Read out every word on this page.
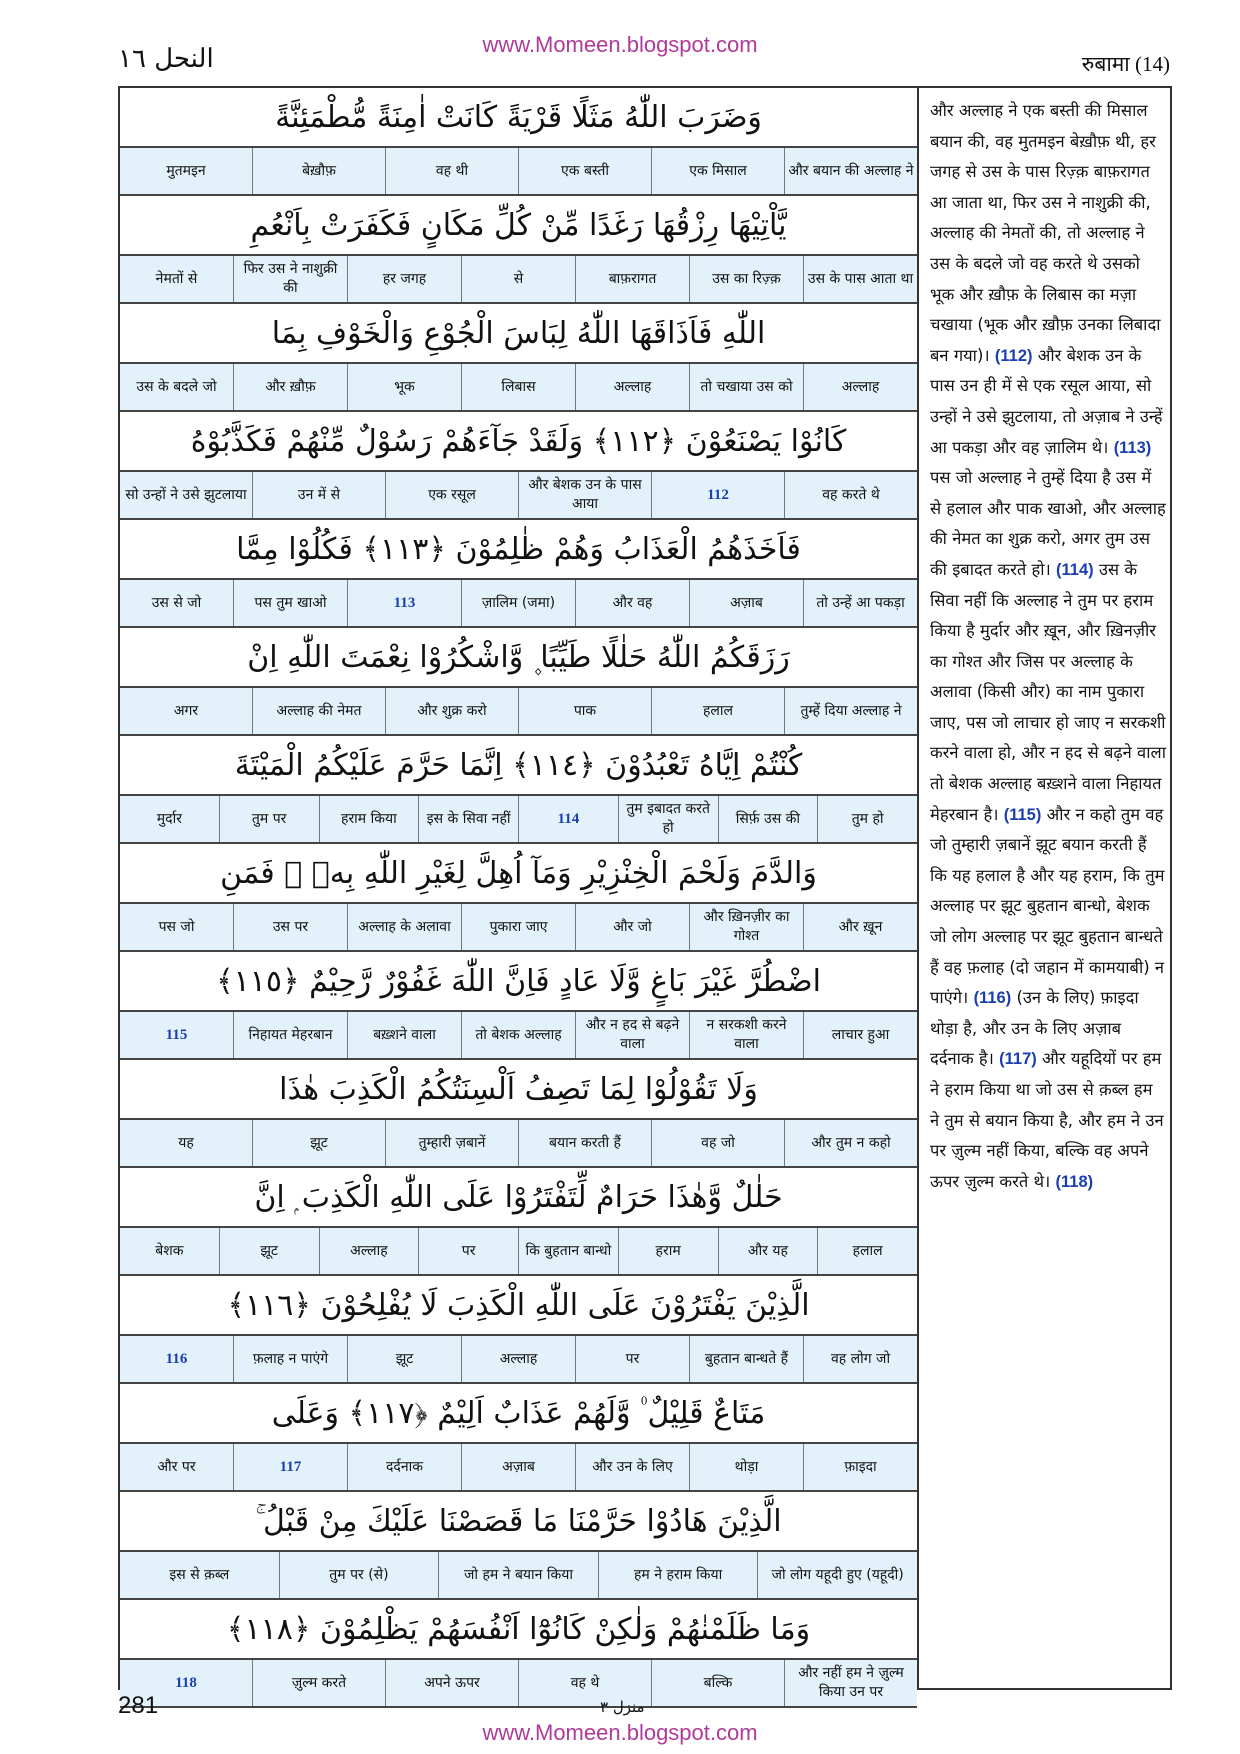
www.Momeen.blogspot.com
النحل ١٦	रुबामा (14)
وَضَرَبَ اللّٰهُ مَثَلًا قَرْيَةً كَانَتْ اٰمِنَةً مُّطْمَئِنَّةً
और बयान की अल्लाह ने
एक मिसाल
एक बस्ती
वह थी
बेख़ौफ़
मुतमइन
يَّاْتِيْهَا رِزْقُهَا رَغَدًا مِّنْ كُلِّ مَكَانٍ فَكَفَرَتْ بِاَنْعُمِ
उस के पास आता था
उस का रिज़्क़
बाफ़रागत
से
हर जगह
फिर उस ने नाशुक्री की
नेमतों से
اللّٰهِ فَاَذَاقَهَا اللّٰهُ لِبَاسَ الْجُوْعِ وَالْخَوْفِ بِمَا
अल्लाह
तो चखाया उस को
अल्लाह
लिबास
भूक
और ख़ौफ़
उस के बदले जो
كَانُوْا يَصْنَعُوْنَ ﴿١١٢﴾ وَلَقَدْ جَآءَهُمْ رَسُوْلٌ مِّنْهُمْ فَكَذَّبُوْهُ
वह करते थे
112
और बेशक उन के पास आया
एक रसूल
उन में से
सो उन्हों ने उसे झुटलाया
فَاَخَذَهُمُ الْعَذَابُ وَهُمْ ظٰلِمُوْنَ ﴿١١٣﴾ فَكُلُوْا مِمَّا
तो उन्हें आ पकड़ा
अज़ाब
और वह
ज़ालिम (जमा)
113
पस तुम खाओ
उस से जो
رَزَقَكُمُ اللّٰهُ حَلٰلًا طَيِّبًا ۪ وَّاشْكُرُوْا نِعْمَتَ اللّٰهِ اِنْ
तुम्हें दिया अल्लाह ने
हलाल
पाक
और शुक्र करो
अल्लाह की नेमत
अगर
كُنْتُمْ اِيَّاهُ تَعْبُدُوْنَ ﴿١١٤﴾ اِنَّمَا حَرَّمَ عَلَيْكُمُ الْمَيْتَةَ
तुम हो
सिर्फ़ उस की
तुम इबादत करते हो
114
इस के सिवा नहीं
हराम किया
तुम पर
मुर्दार
وَالدَّمَ وَلَحْمَ الْخِنْزِيْرِ وَمَآ اُهِلَّ لِغَيْرِ اللّٰهِ بِهٖ ۚ فَمَنِ
और ख़ून
और ख़िनज़ीर का गोश्त
और जो
पुकारा जाए
अल्लाह के अलावा
उस पर
पस जो
اضْطُرَّ غَيْرَ بَاغٍ وَّلَا عَادٍ فَاِنَّ اللّٰهَ غَفُوْرٌ رَّحِيْمٌ ﴿١١٥﴾
लाचार हुआ
न सरकशी करने वाला
और न हद से बढ़ने वाला
तो बेशक अल्लाह
बख़्शने वाला
निहायत मेहरबान
115
وَلَا تَقُوْلُوْا لِمَا تَصِفُ اَلْسِنَتُكُمُ الْكَذِبَ هٰذَا
और तुम न कहो
वह जो
बयान करती हैं
तुम्हारी ज़बानें
झूट
यह
حَلٰلٌ وَّهٰذَا حَرَامٌ لِّتَفْتَرُوْا عَلَى اللّٰهِ الْكَذِبَ ۭ اِنَّ
हलाल
और यह
हराम
कि बुहतान बान्धो
पर
अल्लाह
झूट
बेशक
الَّذِيْنَ يَفْتَرُوْنَ عَلَى اللّٰهِ الْكَذِبَ لَا يُفْلِحُوْنَ ﴿١١٦﴾
वह लोग जो
बुहतान बान्धते हैं
पर
अल्लाह
झूट
फ़लाह न पाएंगे
116
مَتَاعٌ قَلِيْلٌ ۠ وَّلَهُمْ عَذَابٌ اَلِيْمٌ ﴿١١٧﴾ وَعَلَى
फ़ाइदा
थोड़ा
और उन के लिए
अज़ाब
दर्दनाक
117
और पर
الَّذِيْنَ هَادُوْا حَرَّمْنَا مَا قَصَصْنَا عَلَيْكَ مِنْ قَبْلُ ۚ
जो लोग यहूदी हुए (यहूदी)
हम ने हराम किया
जो हम ने बयान किया
तुम पर (से)
इस से क़ब्ल
وَمَا ظَلَمْنٰهُمْ وَلٰكِنْ كَانُوْٓا اَنْفُسَهُمْ يَظْلِمُوْنَ ﴿١١٨﴾
और नहीं हम ने ज़ुल्म किया उन पर
बल्कि
वह थे
अपने ऊपर
ज़ुल्म करते
118
और अल्लाह ने एक बस्ती की मिसाल बयान की, वह मुतमइन बेख़ौफ़ थी, हर जगह से उस के पास रिज़्क़ बाफ़रागत आ जाता था, फिर उस ने नाशुक्री की, अल्लाह की नेमतों की, तो अल्लाह ने उस के बदले जो वह करते थे उसको भूक और ख़ौफ़ के लिबास का मज़ा चखाया (भूक और ख़ौफ़ उनका लिबादा बन गया)। (112) और बेशक उन के पास उन ही में से एक रसूल आया, सो उन्हों ने उसे झुटलाया, तो अज़ाब ने उन्हें आ पकड़ा और वह ज़ालिम थे। (113) पस जो अल्लाह ने तुम्हें दिया है उस में से हलाल और पाक खाओ, और अल्लाह की नेमत का शुक्र करो, अगर तुम उस की इबादत करते हो। (114) उस के सिवा नहीं कि अल्लाह ने तुम पर हराम किया है मुर्दार और ख़ून, और ख़िनज़ीर का गोश्त और जिस पर अल्लाह के अलावा (किसी और) का नाम पुकारा जाए, पस जो लाचार हो जाए न सरकशी करने वाला हो, और न हद से बढ़ने वाला तो बेशक अल्लाह बख़्शने वाला निहायत मेहरबान है। (115) और न कहो तुम वह जो तुम्हारी ज़बानें झूट बयान करती हैं कि यह हलाल है और यह हराम, कि तुम अल्लाह पर झूट बुहतान बान्धो, बेशक जो लोग अल्लाह पर झूट बुहतान बान्धते हैं वह फ़लाह (दो जहान में कामयाबी) न पाएंगे। (116) (उन के लिए) फ़ाइदा थोड़ा है, और उन के लिए अज़ाब दर्दनाक है। (117) और यहूदियों पर हम ने हराम किया था जो उस से क़ब्ल हम ने तुम से बयान किया है, और हम ने उन पर ज़ुल्म नहीं किया, बल्कि वह अपने ऊपर ज़ुल्म करते थे। (118)
281	منزل ٣
www.Momeen.blogspot.com
